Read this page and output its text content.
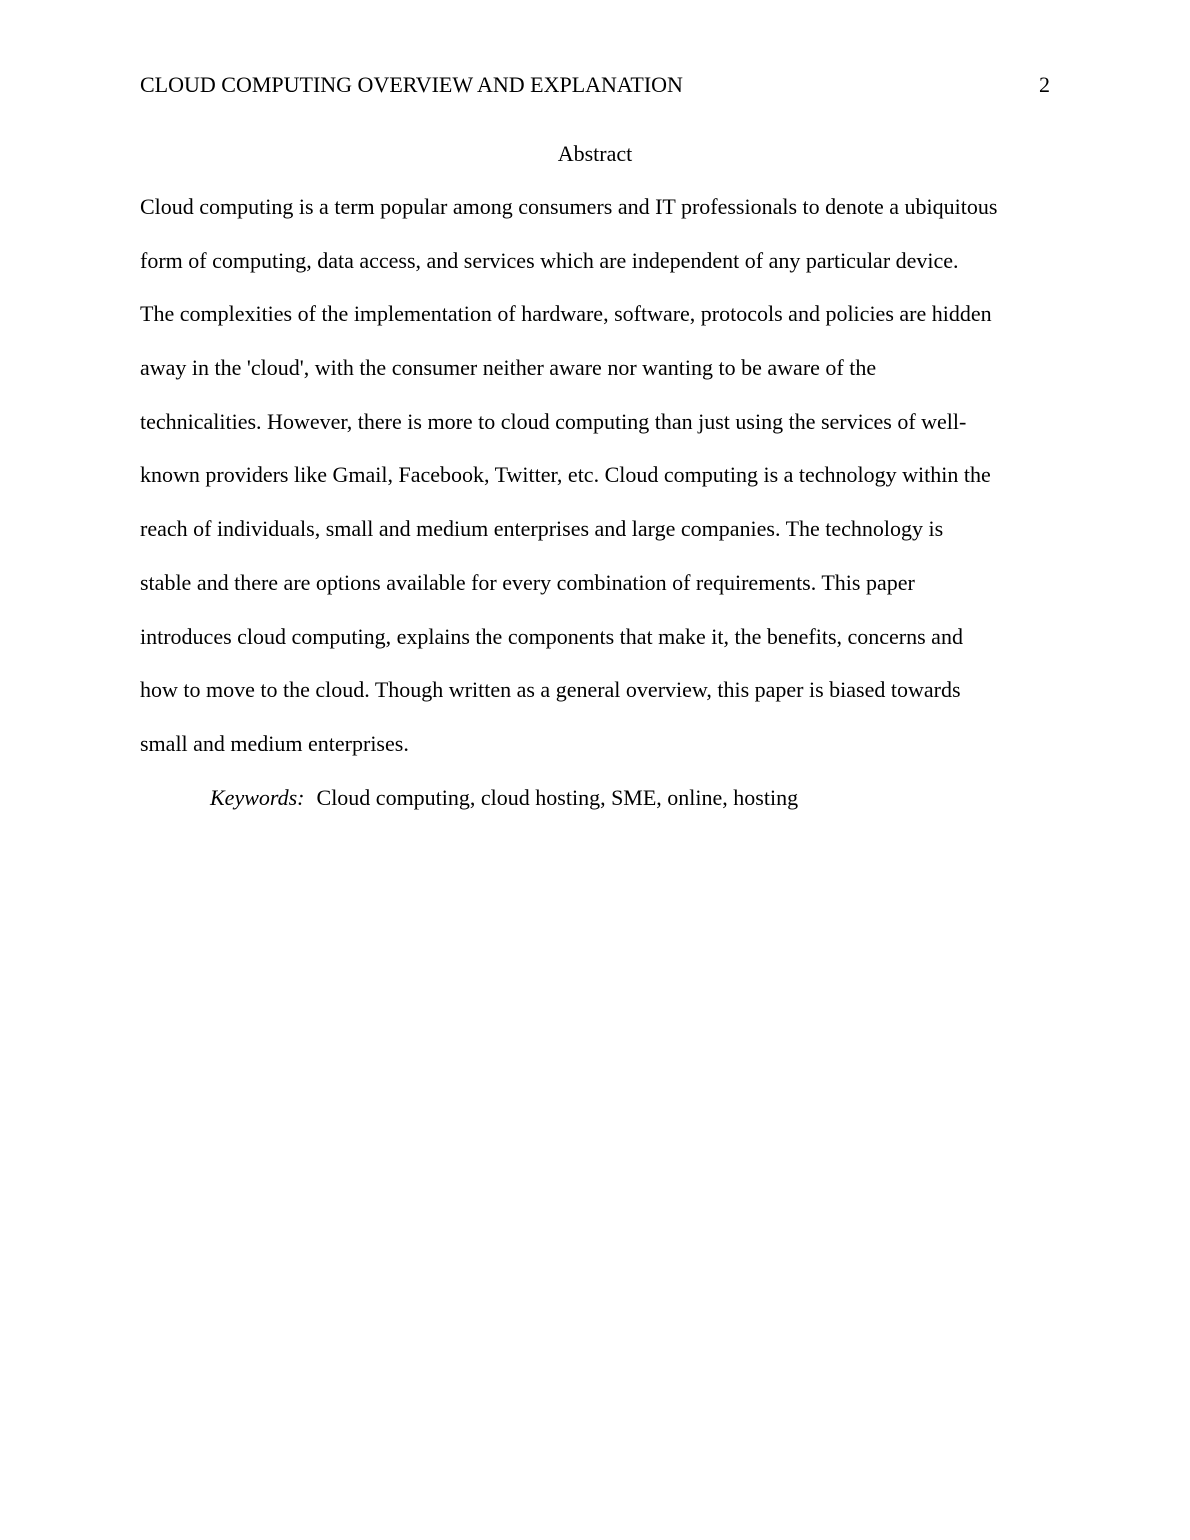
CLOUD COMPUTING OVERVIEW AND EXPLANATION	2
Abstract
Cloud computing is a term popular among consumers and IT professionals to denote a ubiquitous
form of computing, data access, and services which are independent of any particular device.
The complexities of the implementation of hardware, software, protocols and policies are hidden
away in the 'cloud', with the consumer neither aware nor wanting to be aware of the
technicalities. However, there is more to cloud computing than just using the services of well-
known providers like Gmail, Facebook, Twitter, etc. Cloud computing is a technology within the
reach of individuals, small and medium enterprises and large companies. The technology is
stable and there are options available for every combination of requirements. This paper
introduces cloud computing, explains the components that make it, the benefits, concerns and
how to move to the cloud. Though written as a general overview, this paper is biased towards
small and medium enterprises.
Keywords: Cloud computing, cloud hosting, SME, online, hosting
